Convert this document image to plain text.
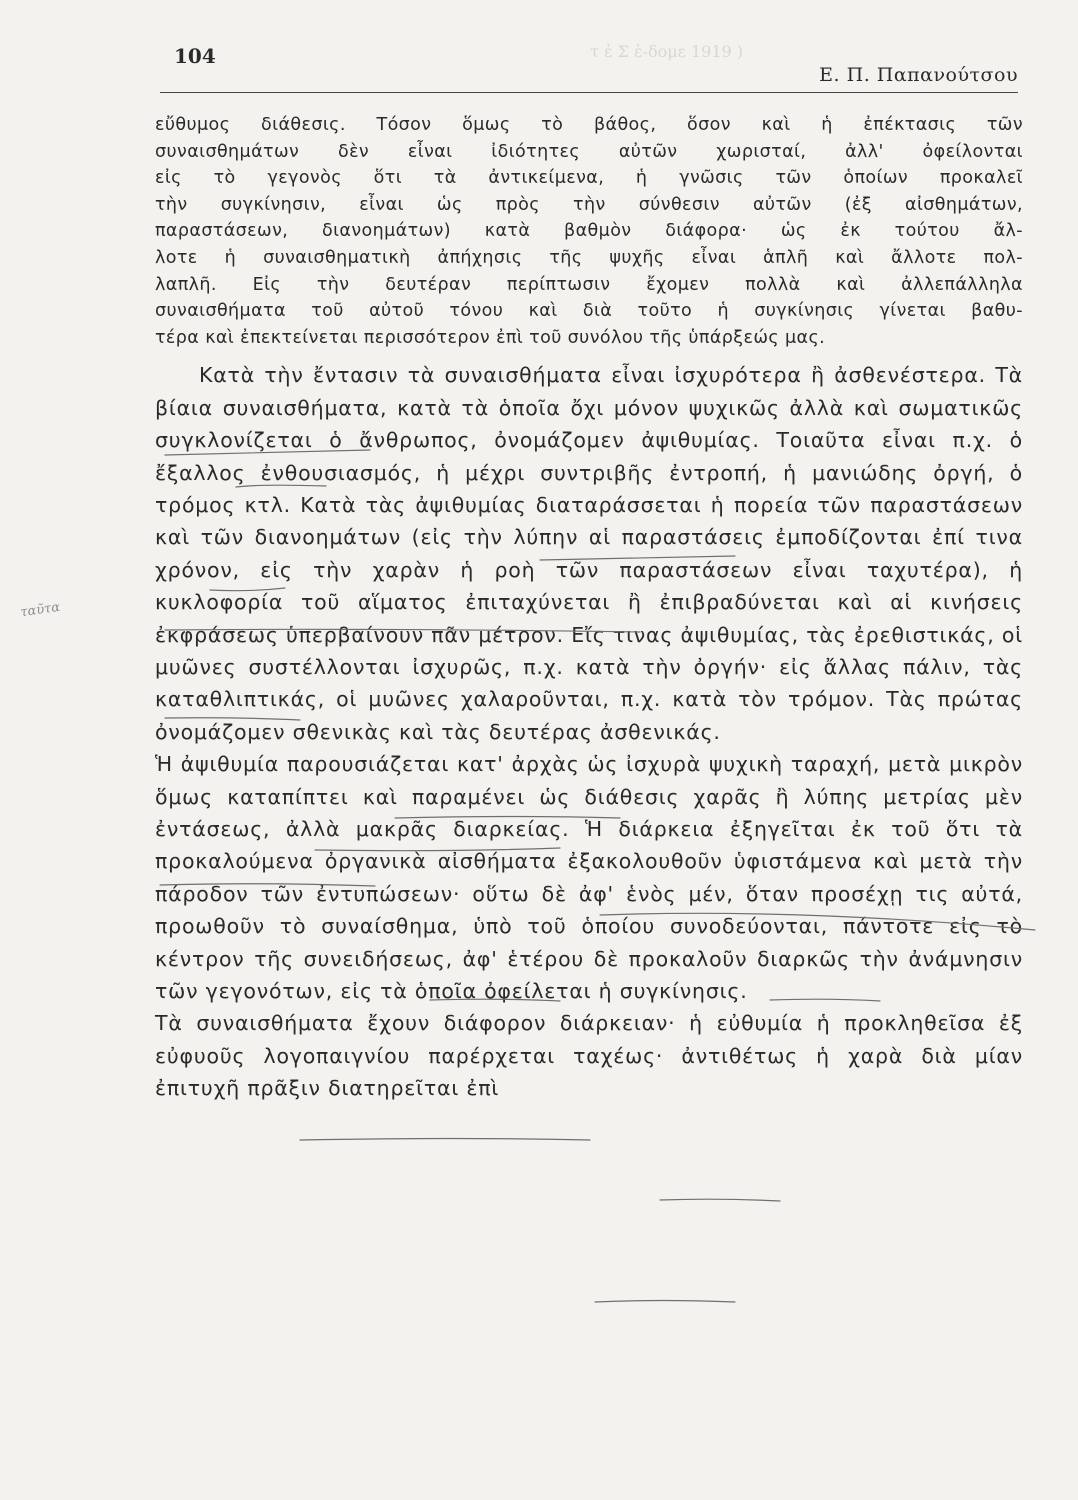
104
Ε. Π. Παπανούτσου
τ ἐ Σ ἑ-δομε 1919 )

εὔθυμος διάθεσις. Τόσον ὅμως τὸ βάθος, ὅσον καὶ ἡ ἐπέκτασις τῶν

συναισθημάτων δὲν εἶναι ἰδιότητες αὐτῶν χωρισταί, ἀλλ' ὀφείλονται

εἰς τὸ γεγονὸς ὅτι τὰ ἀντικείμενα, ἡ γνῶσις τῶν ὁποίων προκαλεῖ

τὴν συγκίνησιν, εἶναι ὡς πρὸς τὴν σύνθεσιν αὐτῶν (ἐξ αἰσθημάτων,

παραστάσεων, διανοημάτων) κατὰ βαθμὸν διάφορα· ὡς ἐκ τούτου ἄλ-

λοτε ἡ συναισθηματικὴ ἀπήχησις τῆς ψυχῆς εἶναι ἁπλῆ καὶ ἄλλοτε πολ-

λαπλῆ. Εἰς τὴν δευτέραν περίπτωσιν ἔχομεν πολλὰ καὶ ἀλλεπάλληλα

συναισθήματα τοῦ αὐτοῦ τόνου καὶ διὰ τοῦτο ἡ συγκίνησις γίνεται βαθυ-

τέρα καὶ ἐπεκτείνεται περισσότερον ἐπὶ τοῦ συνόλου τῆς ὑπάρξεώς μας.

Κατὰ τὴν ἔντασιν τὰ συναισθήματα εἶναι ἰσχυρότερα ἢ ἀσθενέστερα. Τὰ βίαια συναισθήματα, κατὰ τὰ ὁποῖα ὄχι μόνον ψυχικῶς ἀλλὰ καὶ σωματικῶς συγκλονίζεται ὁ ἄνθρωπος, ὀνομάζομεν ἀψιθυμίας. Τοιαῦτα εἶναι π.χ. ὁ ἔξαλλος ἐνθουσιασμός, ἡ μέχρι συντριβῆς ἐντροπή, ἡ μανιώδης ὀργή, ὁ τρόμος κτλ. Κατὰ τὰς ἀψιθυμίας διαταράσσεται ἡ πορεία τῶν παραστάσεων καὶ τῶν διανοημάτων (εἰς τὴν λύπην αἱ παραστάσεις ἐμποδίζονται ἐπί τινα χρόνον, εἰς τὴν χαρὰν ἡ ροὴ τῶν παραστάσεων εἶναι ταχυτέρα), ἡ κυκλοφορία τοῦ αἵματος ἐπιταχύνεται ἢ ἐπιβραδύνεται καὶ αἱ κινήσεις ἐκφράσεως ὑπερβαίνουν πᾶν μέτρον. Εἴς τινας ἀψιθυμίας, τὰς ἐρεθιστικάς, οἱ μυῶνες συστέλλονται ἰσχυρῶς, π.χ. κατὰ τὴν ὀργήν· εἰς ἄλλας πάλιν, τὰς καταθλιπτικάς, οἱ μυῶνες χαλαροῦνται, π.χ. κατὰ τὸν τρόμον. Τὰς πρώτας ὀνομάζομεν σθενικὰς καὶ τὰς δευτέρας ἀσθενικάς.

Ἡ ἀψιθυμία παρουσιάζεται κατ' ἀρχὰς ὡς ἰσχυρὰ ψυχικὴ ταραχή, μετὰ μικρὸν ὅμως καταπίπτει καὶ παραμένει ὡς διάθεσις χαρᾶς ἢ λύπης μετρίας μὲν ἐντάσεως, ἀλλὰ μακρᾶς διαρκείας. Ἡ διάρκεια ἐξηγεῖται ἐκ τοῦ ὅτι τὰ προκαλούμενα ὀργανικὰ αἰσθήματα ἐξακολουθοῦν ὑφιστάμενα καὶ μετὰ τὴν πάροδον τῶν ἐντυπώσεων· οὕτω δὲ ἀφ' ἑνὸς μέν, ὅταν προσέχῃ τις αὐτά, προωθοῦν τὸ συναίσθημα, ὑπὸ τοῦ ὁποίου συνοδεύονται, πάντοτε εἰς τὸ κέντρον τῆς συνειδήσεως, ἀφ' ἑτέρου δὲ προκαλοῦν διαρκῶς τὴν ἀνάμνησιν τῶν γεγονότων, εἰς τὰ ὁποῖα ὀφείλεται ἡ συγκίνησις.

Τὰ συναισθήματα ἔχουν διάφορον διάρκειαν· ἡ εὐθυμία ἡ προκληθεῖσα ἐξ εὐφυοῦς λογοπαιγνίου παρέρχεται ταχέως· ἀντιθέτως ἡ χαρὰ διὰ μίαν ἐπιτυχῆ πρᾶξιν διατηρεῖται ἐπὶ

ταῦτα
